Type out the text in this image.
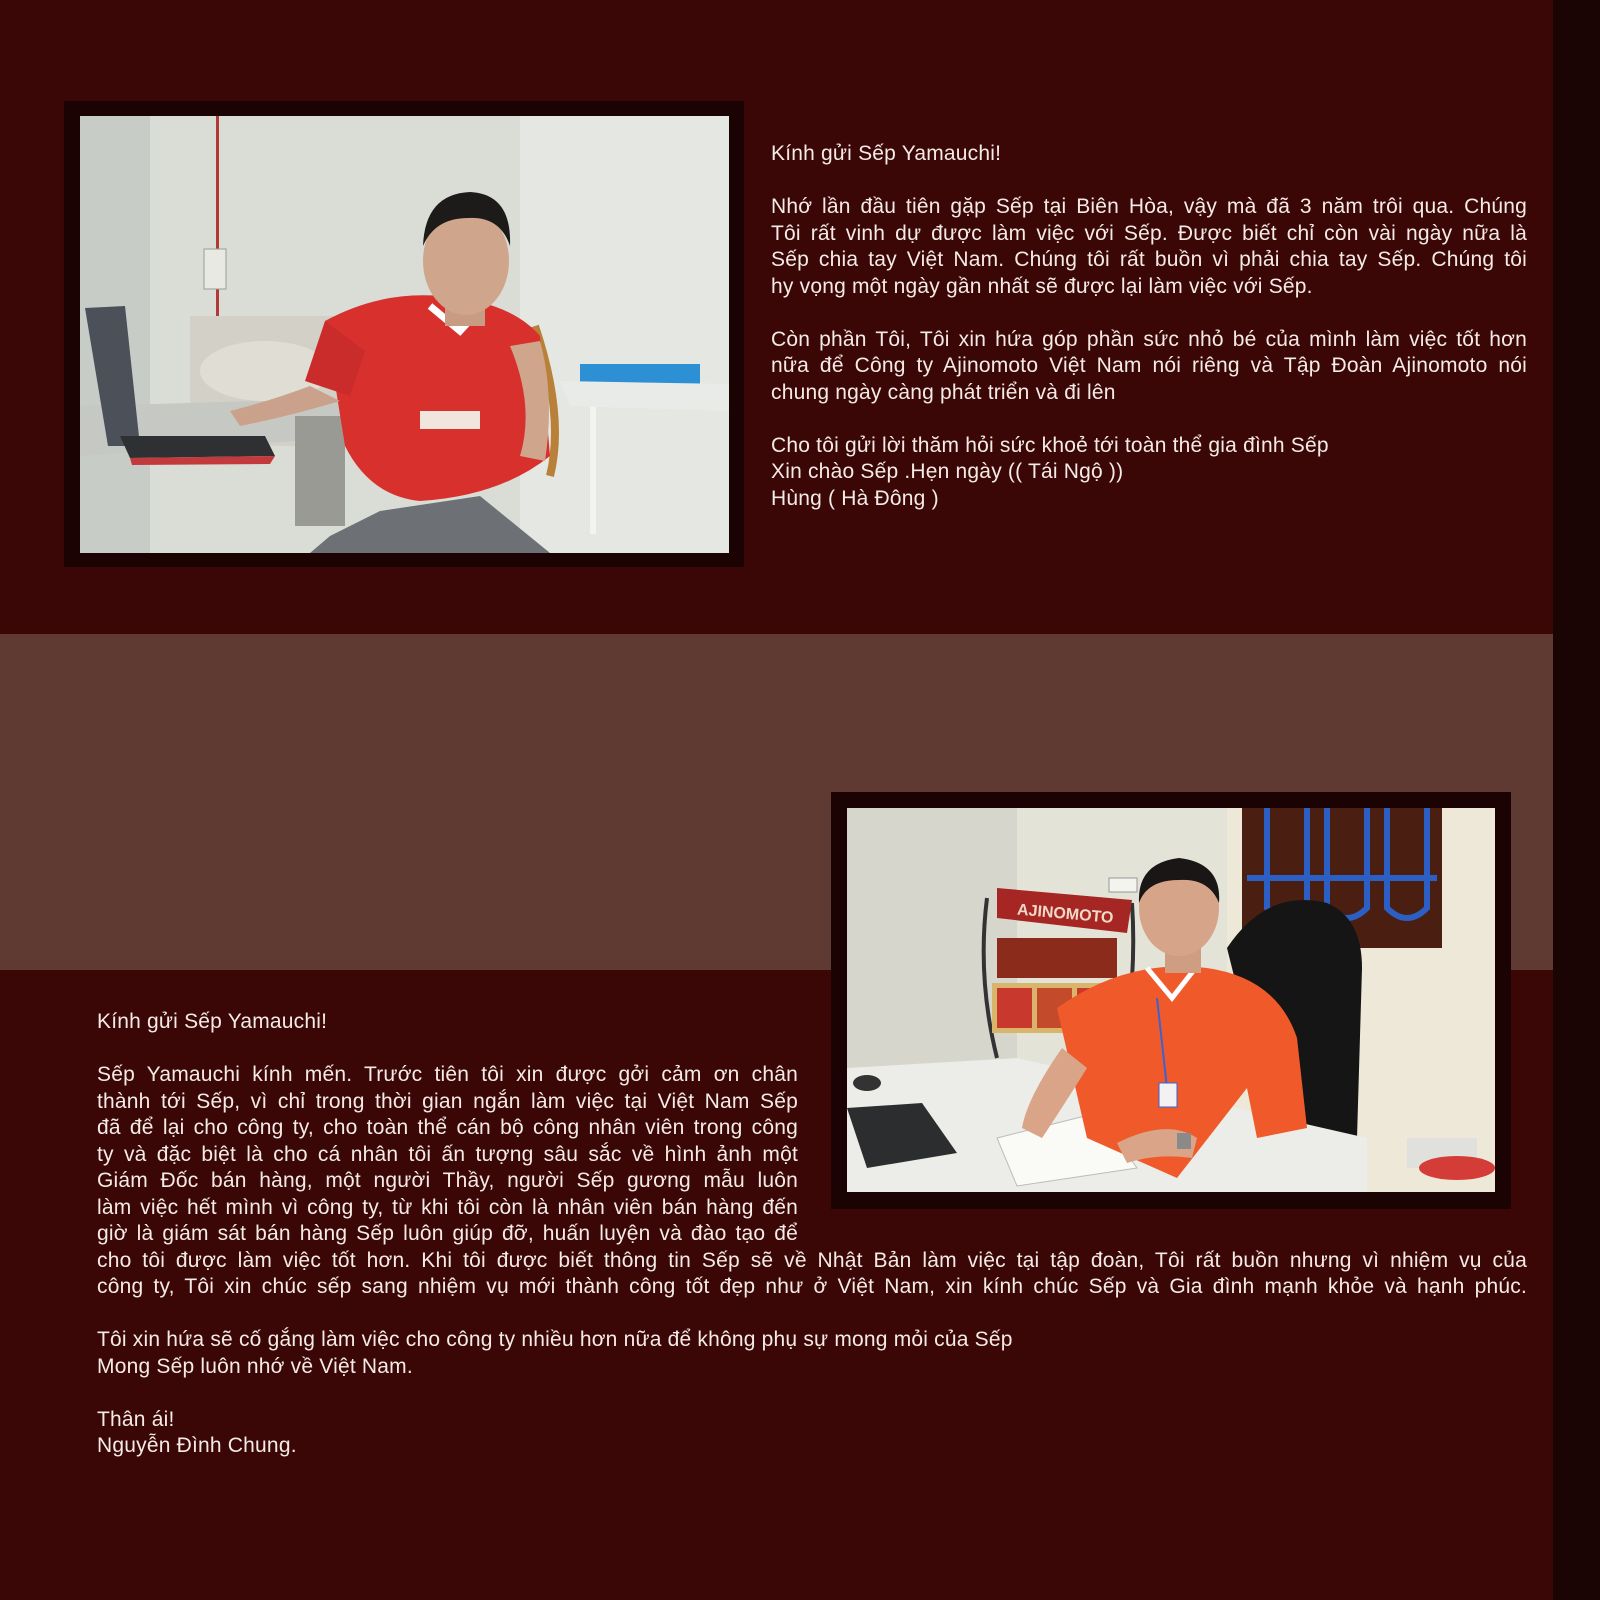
Kính gửi Sếp Yamauchi!

Nhớ lần đầu tiên gặp Sếp tại Biên Hòa, vậy mà đã 3 năm trôi qua. Chúng
Tôi rất vinh dự được làm việc với Sếp. Được biết chỉ còn vài ngày nữa là
Sếp chia tay Việt Nam. Chúng tôi rất buồn vì phải chia tay Sếp. Chúng tôi
hy vọng một ngày gần nhất sẽ được lại làm việc với Sếp.

Còn phần Tôi, Tôi xin hứa góp phần sức nhỏ bé của mình làm việc tốt hơn
nữa để Công ty Ajinomoto Việt Nam nói riêng và Tập Đoàn Ajinomoto nói
chung ngày càng phát triển và đi lên

Cho tôi gửi lời thăm hỏi sức khoẻ tới toàn thể gia đình Sếp
Xin chào Sếp .Hẹn ngày (( Tái Ngộ ))
Hùng ( Hà Đông )

AJINOMOTO

Kính gửi Sếp Yamauchi!

Sếp Yamauchi kính mến. Trước tiên tôi xin được gởi cảm ơn chân
thành tới Sếp, vì chỉ trong thời gian ngắn làm việc tại Việt Nam Sếp
đã để lại cho công ty, cho toàn thể cán bộ công nhân viên trong công
ty và đặc biệt là cho cá nhân tôi ấn tượng sâu sắc về hình ảnh một
Giám Đốc bán hàng, một người Thầy, người Sếp gương mẫu luôn
làm việc hết mình vì công ty, từ khi tôi còn là nhân viên bán hàng đến
giờ là giám sát bán hàng Sếp luôn giúp đỡ, huấn luyện và đào tạo để
cho tôi được làm việc tốt hơn. Khi tôi được biết thông tin Sếp sẽ về Nhật Bản làm việc tại tập đoàn, Tôi rất buồn nhưng vì nhiệm vụ của
công ty, Tôi xin chúc sếp sang nhiệm vụ mới thành công tốt đẹp như ở Việt Nam, xin kính chúc Sếp và Gia đình mạnh khỏe và hạnh phúc.

Tôi xin hứa sẽ cố gắng làm việc cho công ty nhiều hơn nữa để không phụ sự mong mỏi của Sếp
Mong Sếp luôn nhớ về Việt Nam.

Thân ái!
Nguyễn Đình Chung.
